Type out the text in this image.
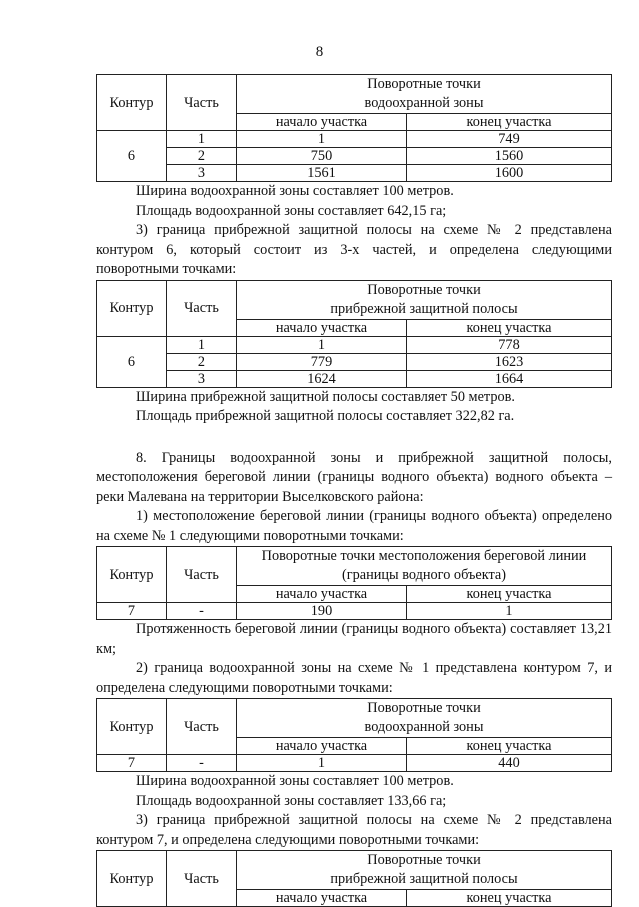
8
Контур	Часть	Поворотные точки
водоохранной зоны	

		начало участка	конец участка
6	1	1	749
	2	750	1560
	3	1561	1600

Ширина водоохранной зоны составляет 100 метров.

Площадь водоохранной зоны составляет 642,15 га;

3) граница прибрежной защитной полосы на схеме № 2 представлена контуром 6, который состоит из 3-х частей, и определена следующими поворотными точками:

Контур	Часть	Поворотные точки
прибрежной защитной полосы	

		начало участка	конец участка
6	1	1	778
	2	779	1623
	3	1624	1664

Ширина прибрежной защитной полосы составляет 50 метров.

Площадь прибрежной защитной полосы составляет 322,82 га.

8. Границы водоохранной зоны и прибрежной защитной полосы, местоположения береговой линии (границы водного объекта) водного объекта – реки Малевана на территории Выселковского района:

1) местоположение береговой линии (границы водного объекта) определено на схеме № 1 следующими поворотными точками:

Контур	Часть	Поворотные точки местоположения береговой линии
(границы водного объекта)	

		начало участка	конец участка
7	-	190	1

Протяженность береговой линии (границы водного объекта) составляет 13,21 км;

2) граница водоохранной зоны на схеме № 1 представлена контуром 7, и определена следующими поворотными точками:

Контур	Часть	Поворотные точки
водоохранной зоны	

		начало участка	конец участка
7	-	1	440

Ширина водоохранной зоны составляет 100 метров.

Площадь водоохранной зоны составляет 133,66 га;

3) граница прибрежной защитной полосы на схеме № 2 представлена контуром 7, и определена следующими поворотными точками:

Контур	Часть	Поворотные точки
прибрежной защитной полосы	

		начало участка	конец участка
